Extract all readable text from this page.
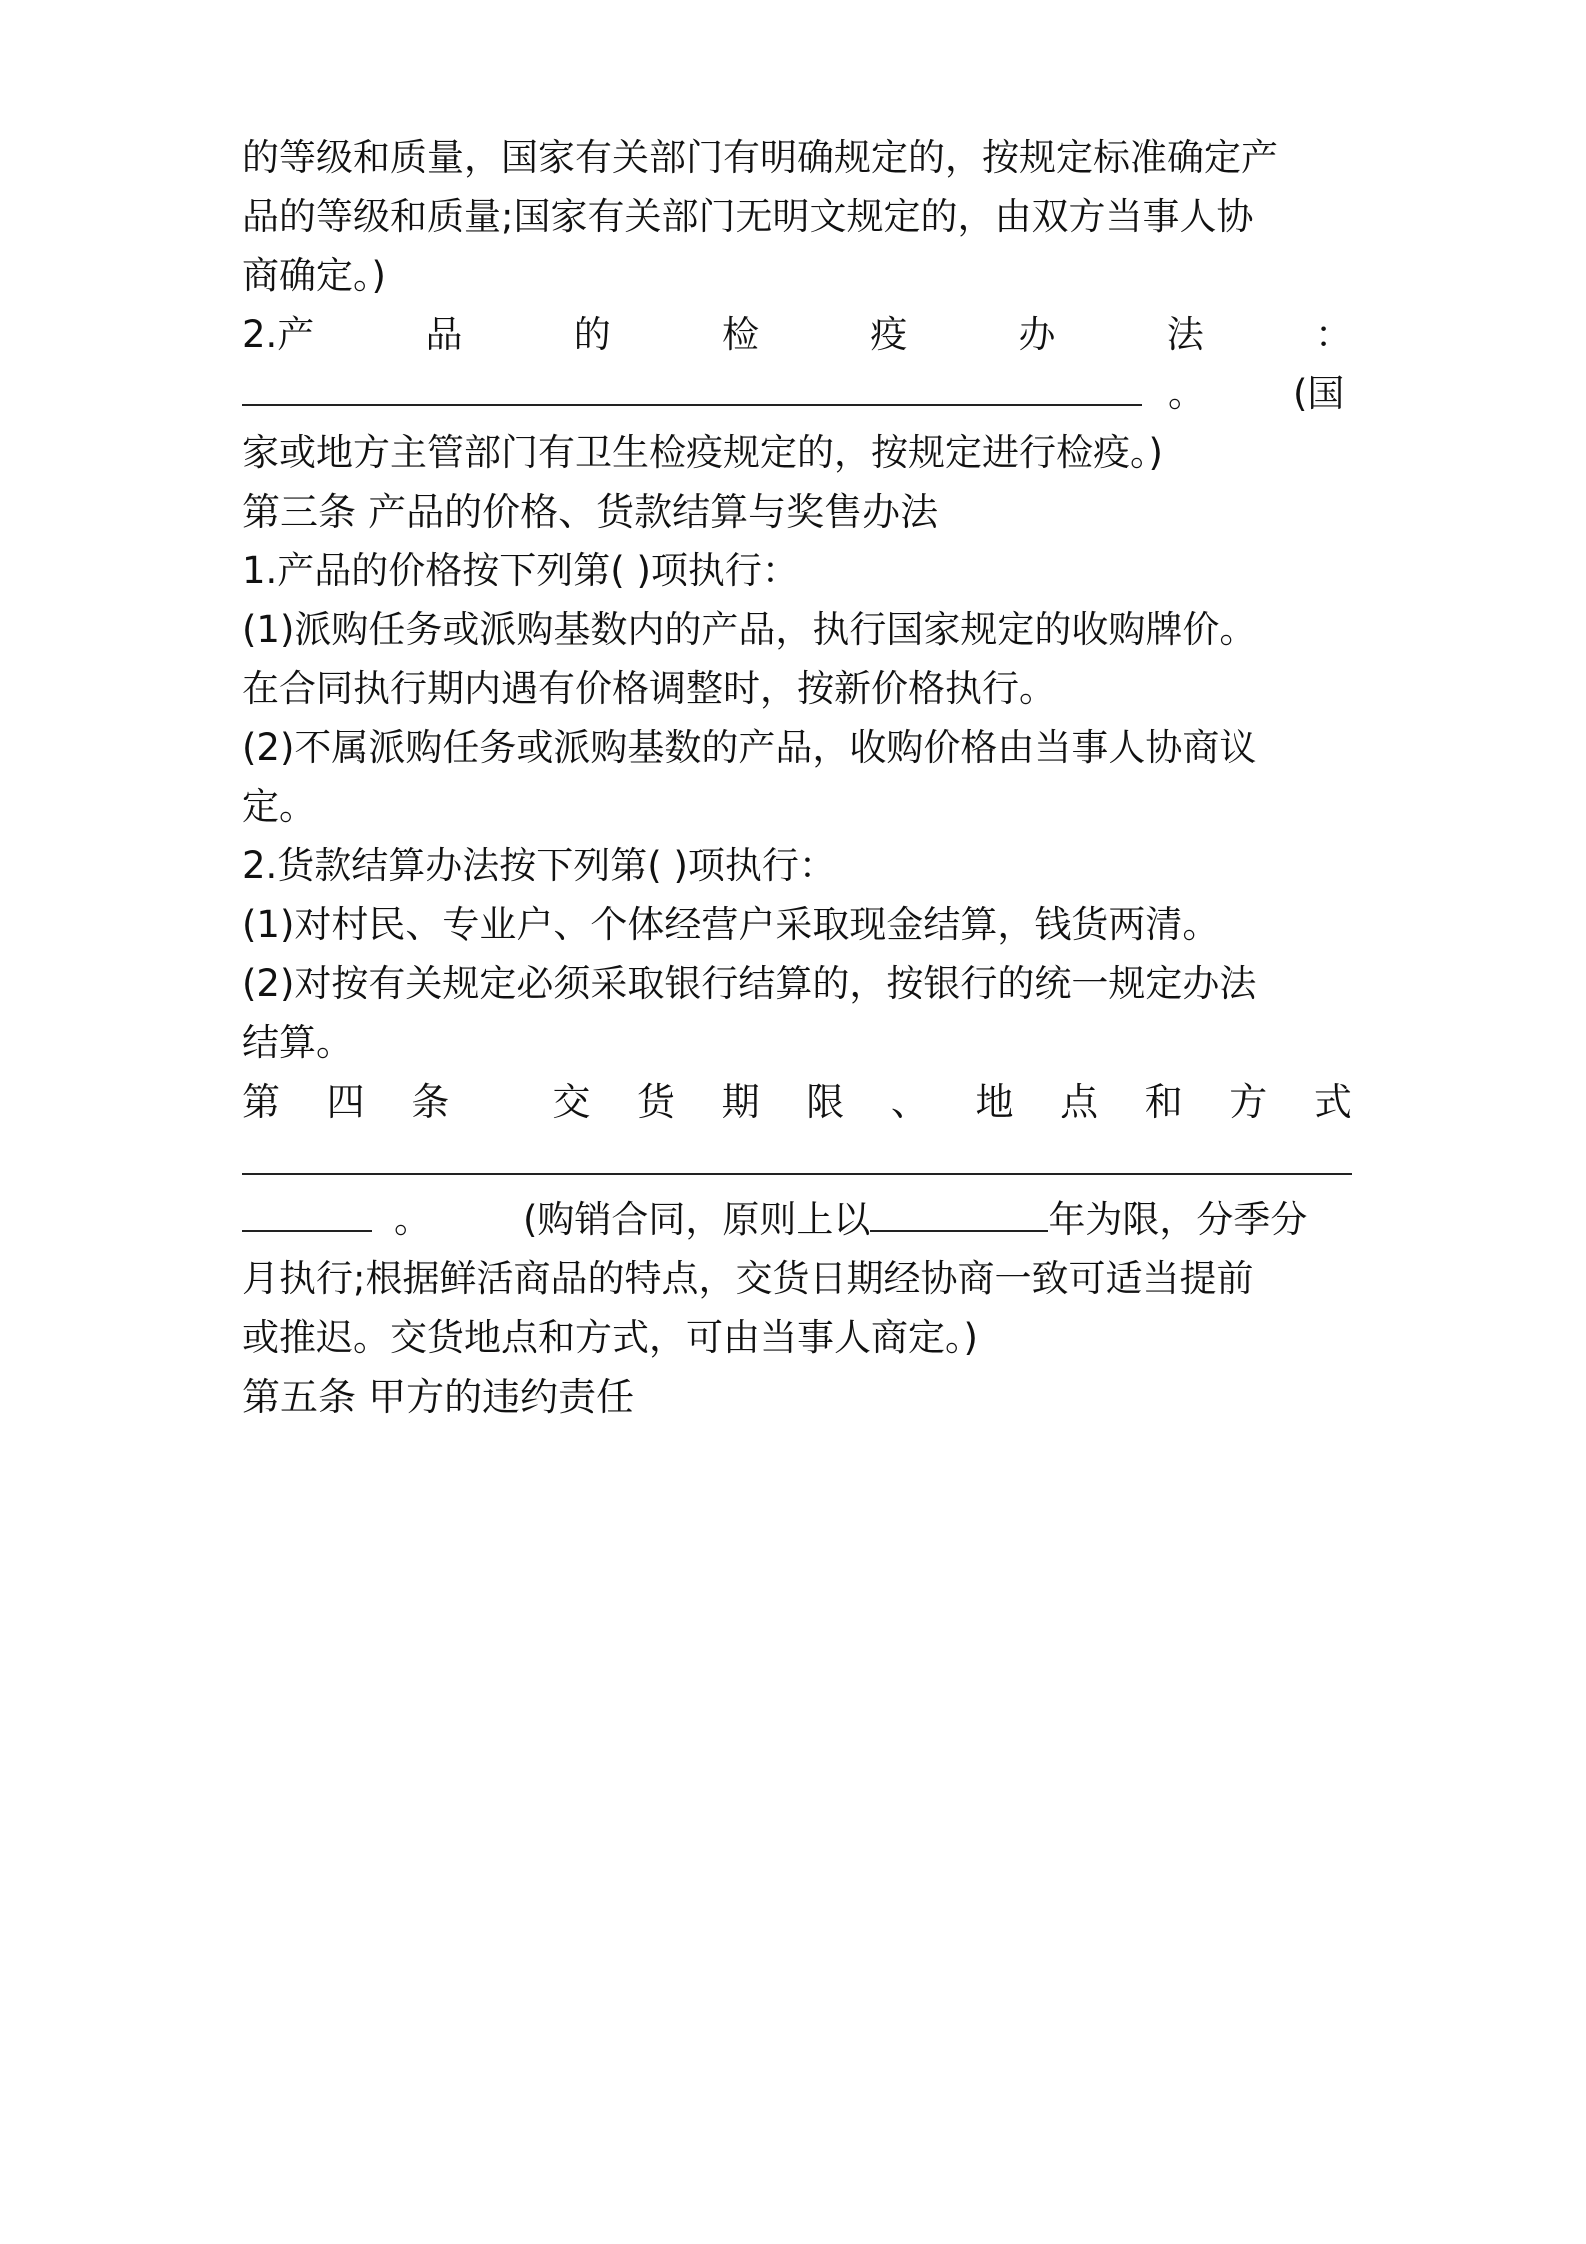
的等级和质量，国家有关部门有明确规定的，按规定标准确定产
品的等级和质量;国家有关部门无明文规定的，由双方当事人协
商确定。)
2.产	品	的	检	疫	办	法	：
。 (国
家或地方主管部门有卫生检疫规定的，按规定进行检疫。)
第三条 产品的价格、货款结算与奖售办法
1.产品的价格按下列第( )项执行：
(1)派购任务或派购基数内的产品，执行国家规定的收购牌价。
在合同执行期内遇有价格调整时，按新价格执行。
(2)不属派购任务或派购基数的产品，收购价格由当事人协商议
定。
2.货款结算办法按下列第( )项执行：
(1)对村民、专业户、个体经营户采取现金结算，钱货两清。
(2)对按有关规定必须采取银行结算的，按银行的统一规定办法
结算。
第 四 条	交 货 期 限 、 地 点 和 方 式
。 (购销合同，原则上以	年为限，分季分
月执行;根据鲜活商品的特点，交货日期经协商一致可适当提前
或推迟。交货地点和方式，可由当事人商定。)
第五条 甲方的违约责任
